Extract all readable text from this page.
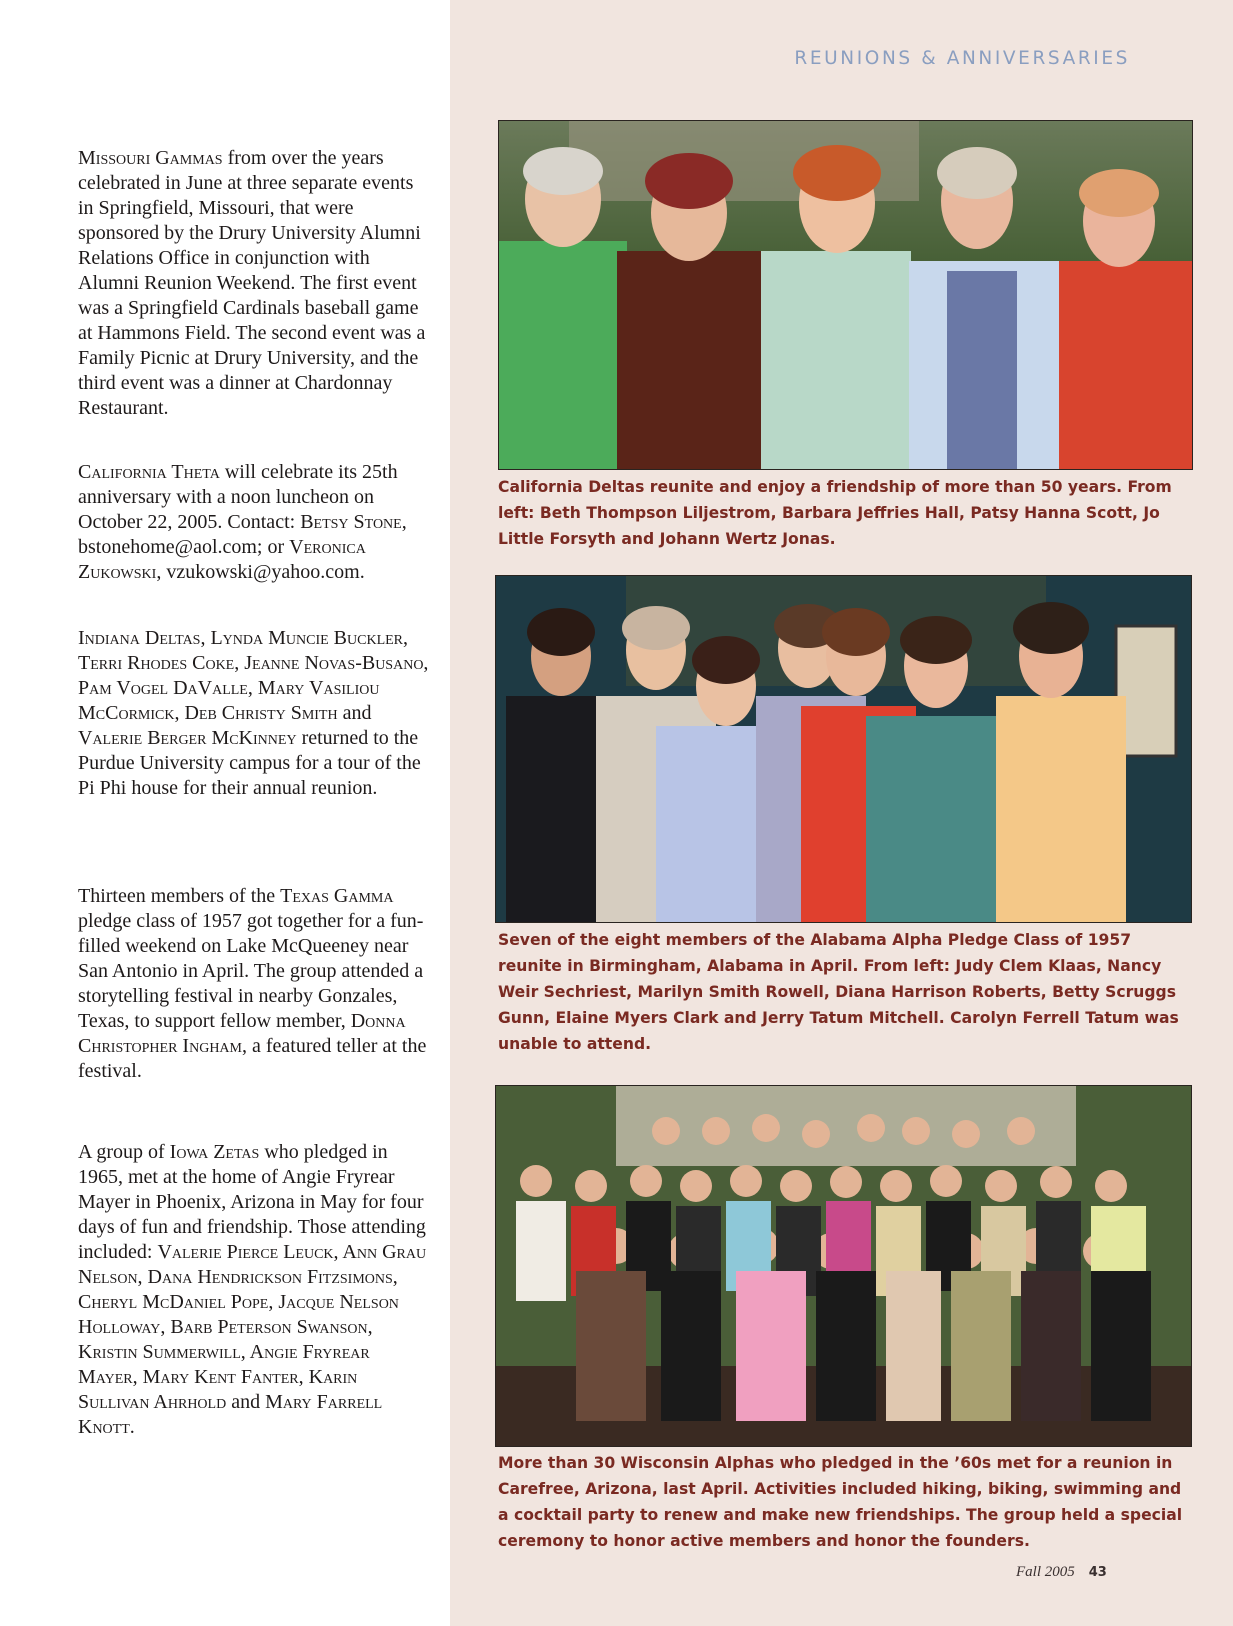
REUNIONS & ANNIVERSARIES

Missouri Gammas from over the years celebrated in June at three separate events in Springfield, Missouri, that were sponsored by the Drury University Alumni Relations Office in conjunction with Alumni Reunion Weekend. The first event was a Springfield Cardinals baseball game at Hammons Field. The second event was a Family Picnic at Drury University, and the third event was a dinner at Chardonnay Restaurant.

California Theta will celebrate its 25th anniversary with a noon luncheon on October 22, 2005. Contact: Betsy Stone, bstonehome@aol.com; or Veronica Zukowski, vzukowski@yahoo.com.

Indiana Deltas, Lynda Muncie Buckler, Terri Rhodes Coke, Jeanne Novas-Busano, Pam Vogel DaValle, Mary Vasiliou McCormick, Deb Christy Smith and Valerie Berger McKinney returned to the Purdue University campus for a tour of the Pi Phi house for their annual reunion.

Thirteen members of the Texas Gamma pledge class of 1957 got together for a fun-filled weekend on Lake McQueeney near San Antonio in April. The group attended a storytelling festival in nearby Gonzales, Texas, to support fellow member, Donna Christopher Ingham, a featured teller at the festival.

A group of Iowa Zetas who pledged in 1965, met at the home of Angie Fryrear Mayer in Phoenix, Arizona in May for four days of fun and friendship. Those attending included: Valerie Pierce Leuck, Ann Grau Nelson, Dana Hendrickson Fitzsimons, Cheryl McDaniel Pope, Jacque Nelson Holloway, Barb Peterson Swanson, Kristin Summerwill, Angie Fryrear Mayer, Mary Kent Fanter, Karin Sullivan Ahrhold and Mary Farrell Knott.

California Deltas reunite and enjoy a friendship of more than 50 years. From left: Beth Thompson Liljestrom, Barbara Jeffries Hall, Patsy Hanna Scott, Jo Little Forsyth and Johann Wertz Jonas.

Seven of the eight members of the Alabama Alpha Pledge Class of 1957 reunite in Birmingham, Alabama in April. From left: Judy Clem Klaas, Nancy Weir Sechriest, Marilyn Smith Rowell, Diana Harrison Roberts, Betty Scruggs Gunn, Elaine Myers Clark and Jerry Tatum Mitchell. Carolyn Ferrell Tatum was unable to attend.

More than 30 Wisconsin Alphas who pledged in the ’60s met for a reunion in Carefree, Arizona, last April. Activities included hiking, biking, swimming and a cocktail party to renew and make new friendships. The group held a special ceremony to honor active members and honor the founders.

Fall 2005 43
